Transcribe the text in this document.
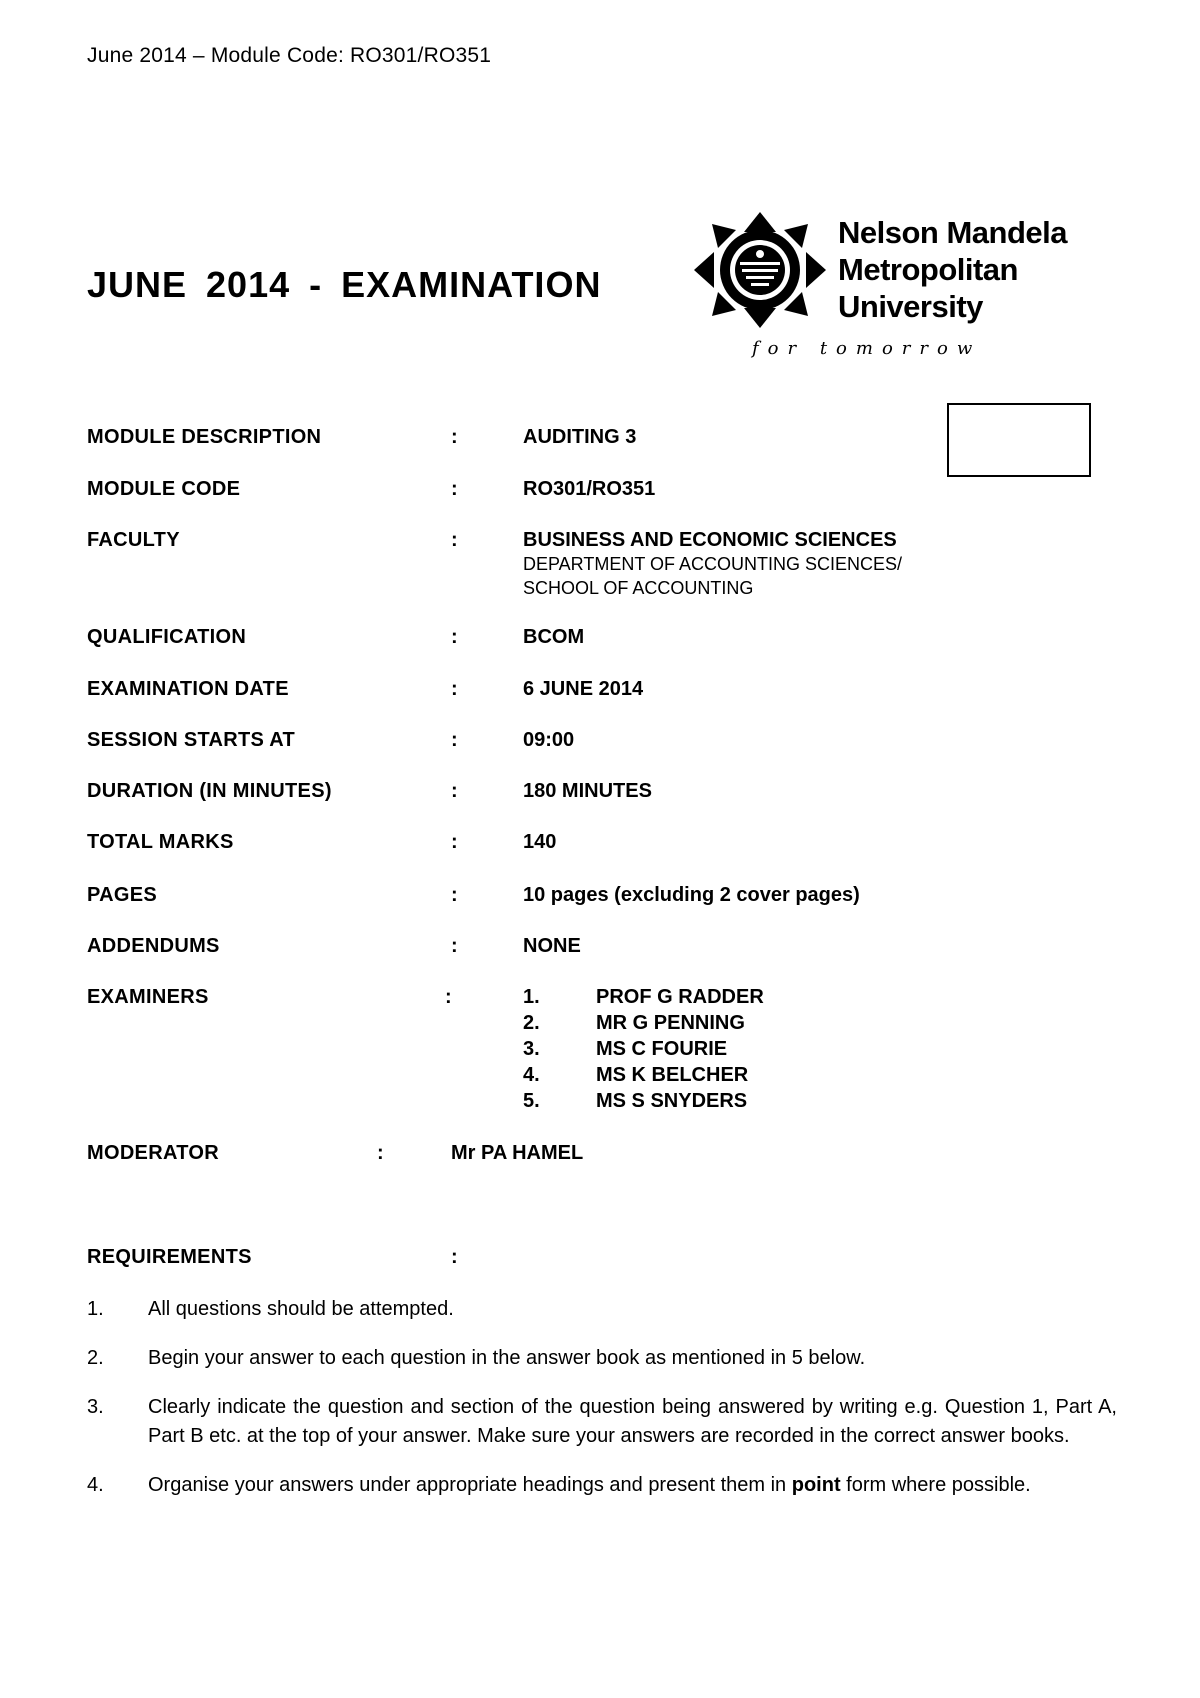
June 2014 – Module Code: RO301/RO351
JUNE 2014 - EXAMINATION
Nelson Mandela
Metropolitan
University
for tomorrow
MODULE DESCRIPTION	:	AUDITING 3
MODULE CODE	:	RO301/RO351
FACULTY	:	BUSINESS AND ECONOMIC SCIENCES
DEPARTMENT OF ACCOUNTING SCIENCES/
SCHOOL OF ACCOUNTING
QUALIFICATION	:	BCOM
EXAMINATION DATE	:	6 JUNE 2014
SESSION STARTS AT	:	09:00
DURATION (IN MINUTES)	:	180 MINUTES
TOTAL MARKS	:	140
PAGES	:	10 pages (excluding 2 cover pages)
ADDENDUMS	:	NONE
EXAMINERS	:	1.	PROF G RADDER
2.	MR G PENNING
3.	MS C FOURIE
4.	MS K BELCHER
5.	MS S SNYDERS
MODERATOR	:	Mr PA HAMEL
REQUIREMENTS	:
1. All questions should be attempted.
2. Begin your answer to each question in the answer book as mentioned in 5 below.
3. Clearly indicate the question and section of the question being answered by writing e.g. Question 1, Part A, Part B etc. at the top of your answer. Make sure your answers are recorded in the correct answer books.
4. Organise your answers under appropriate headings and present them in point form where possible.
